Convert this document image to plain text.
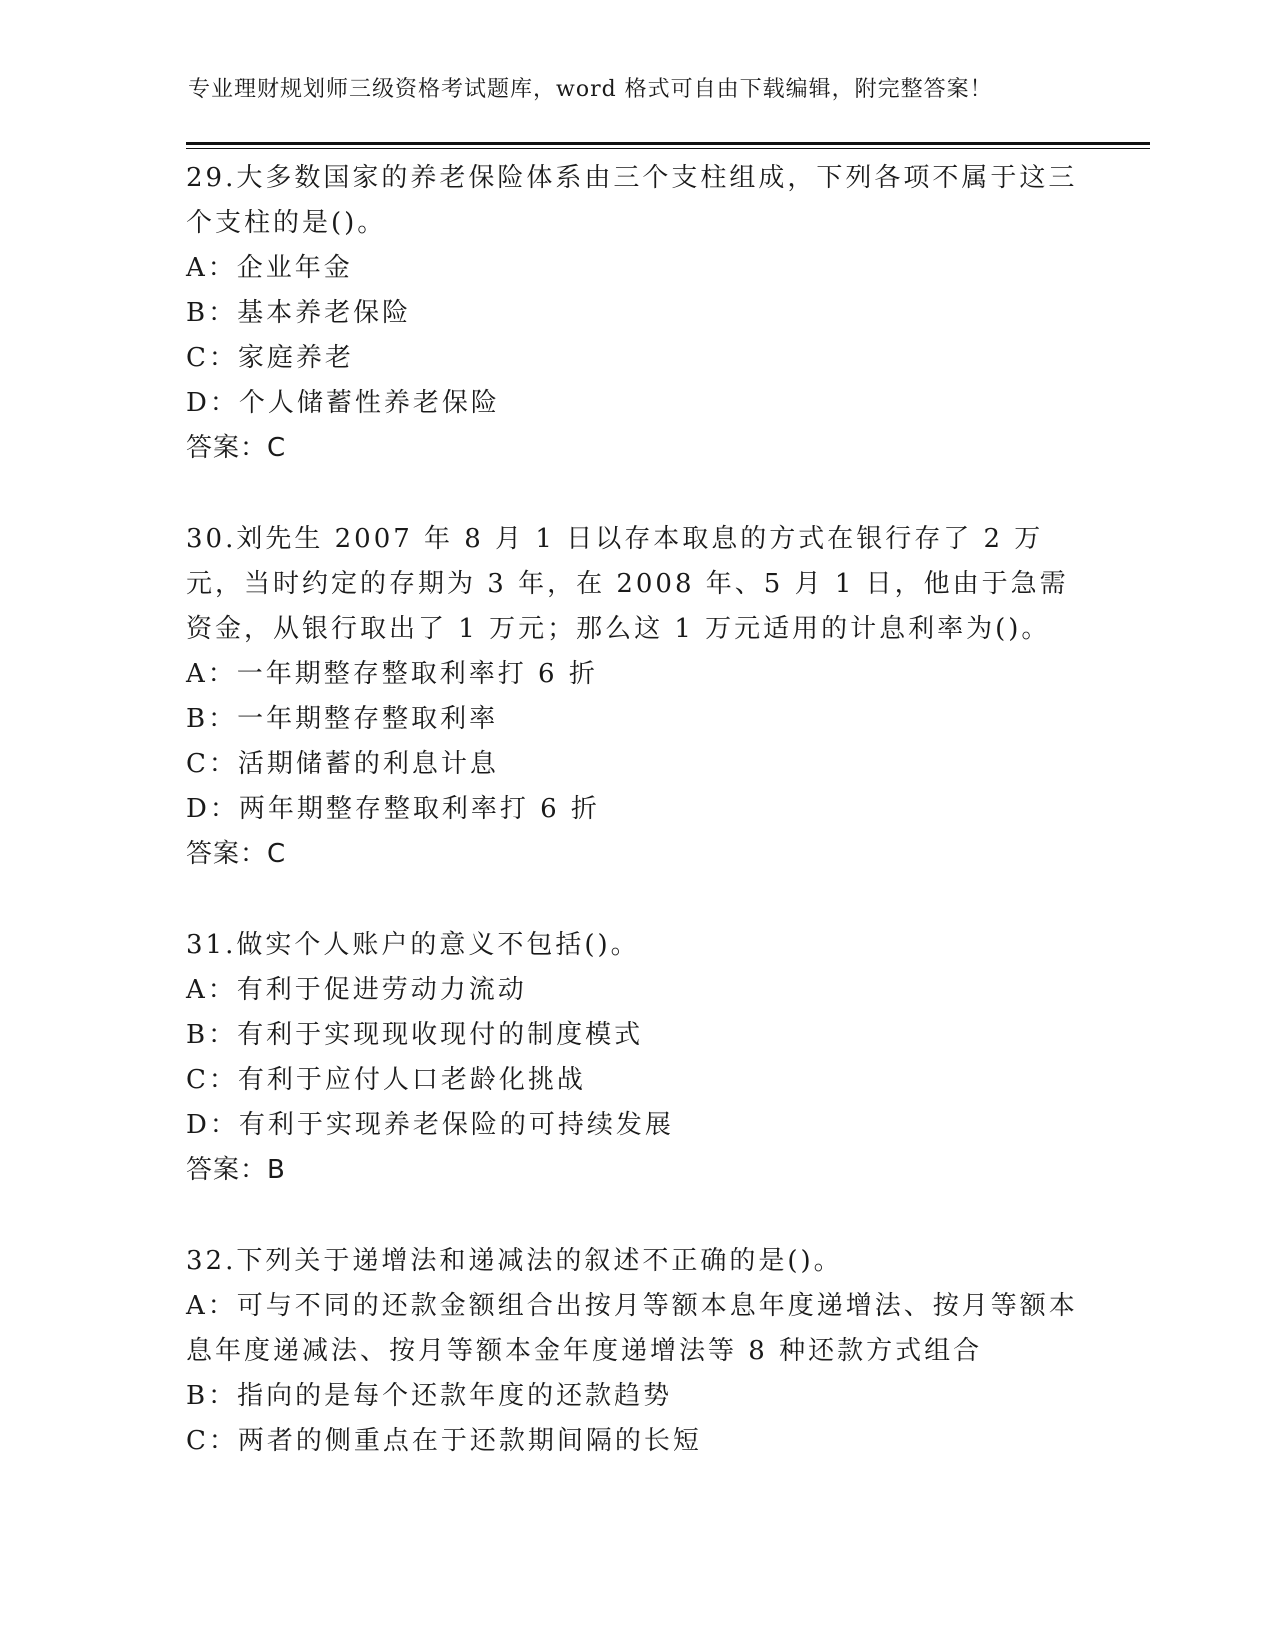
专业理财规划师三级资格考试题库，word 格式可自由下载编辑，附完整答案！

29.大多数国家的养老保险体系由三个支柱组成，下列各项不属于这三个支柱的是()。

A：企业年金

B：基本养老保险

C：家庭养老

D：个人储蓄性养老保险

答案：C

30.刘先生 2007 年 8 月 1 日以存本取息的方式在银行存了 2 万元，当时约定的存期为 3 年，在 2008 年、5 月 1 日，他由于急需资金，从银行取出了 1 万元；那么这 1 万元适用的计息利率为()。

A：一年期整存整取利率打 6 折

B：一年期整存整取利率

C：活期储蓄的利息计息

D：两年期整存整取利率打 6 折

答案：C

31.做实个人账户的意义不包括()。

A：有利于促进劳动力流动

B：有利于实现现收现付的制度模式

C：有利于应付人口老龄化挑战

D：有利于实现养老保险的可持续发展

答案：B

32.下列关于递增法和递减法的叙述不正确的是()。

A：可与不同的还款金额组合出按月等额本息年度递增法、按月等额本息年度递减法、按月等额本金年度递增法等 8 种还款方式组合

B：指向的是每个还款年度的还款趋势

C：两者的侧重点在于还款期间隔的长短
